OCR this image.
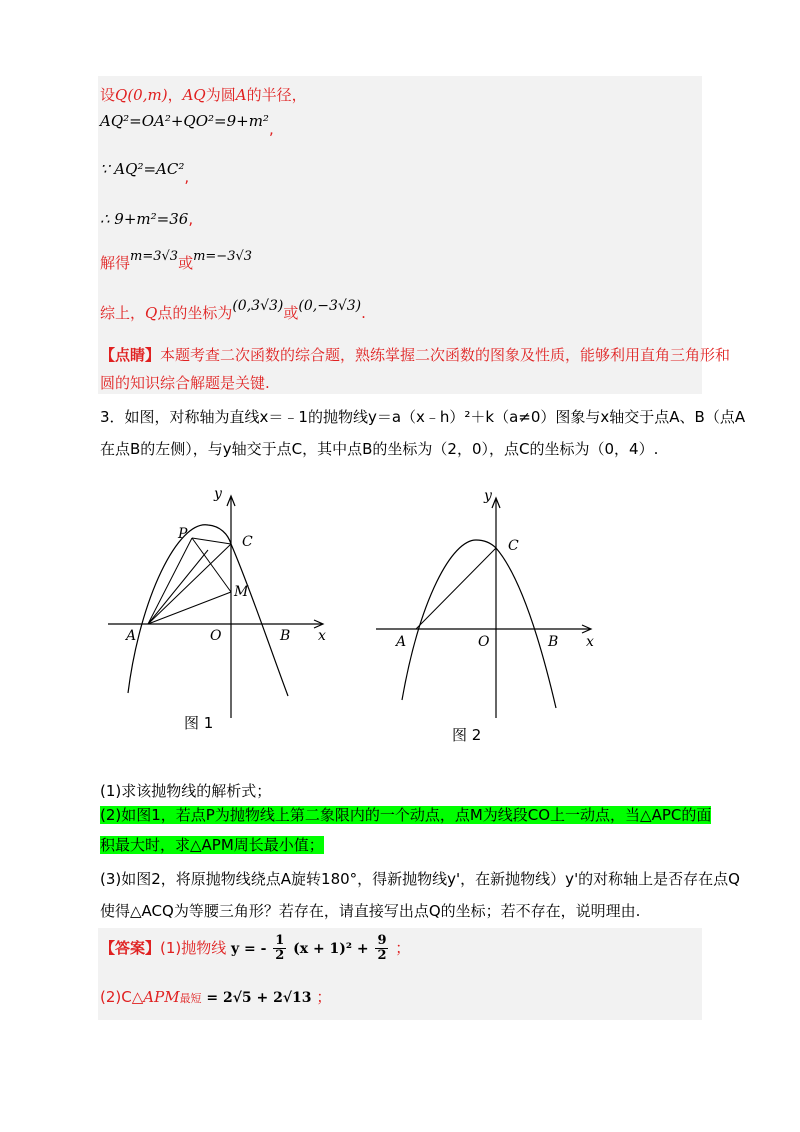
设Q(0,m)，AQ为圆A的半径，
AQ²=OA²+QO²=9+m²,
∵ AQ²=AC²,
∴ 9+m²=36,
解得m=3√3或m=−3√3
综上，Q点的坐标为(0,3√3)或(0,−3√3).
【点睛】本题考查二次函数的综合题，熟练掌握二次函数的图象及性质，能够利用直角三角形和
圆的知识综合解题是关键.
3．如图，对称轴为直线x＝﹣1的抛物线y＝a（x﹣h）²＋k（a≠0）图象与x轴交于点A、B（点A
在点B的左侧），与y轴交于点C，其中点B的坐标为（2，0），点C的坐标为（0，4）.
y
x
P	C
M
A	O	B
图 1
y
x
C
A	O	B
图 2
(1)求该抛物线的解析式；
(2)如图1，若点P为抛物线上第二象限内的一个动点，点M为线段CO上一动点，当△APC的面
积最大时，求△APM周长最小值；
(3)如图2，将原抛物线绕点A旋转180°，得新抛物线y'，在新抛物线）y'的对称轴上是否存在点Q
使得△ACQ为等腰三角形？若存在，请直接写出点Q的坐标；若不存在，说明理由.
【答案】(1)抛物线 y = - $\frac{1}{2} (x + 1)^2 + \frac{9}{2}$ ；
(2)C△APM最短 = 2√5 + 2√13 ；
